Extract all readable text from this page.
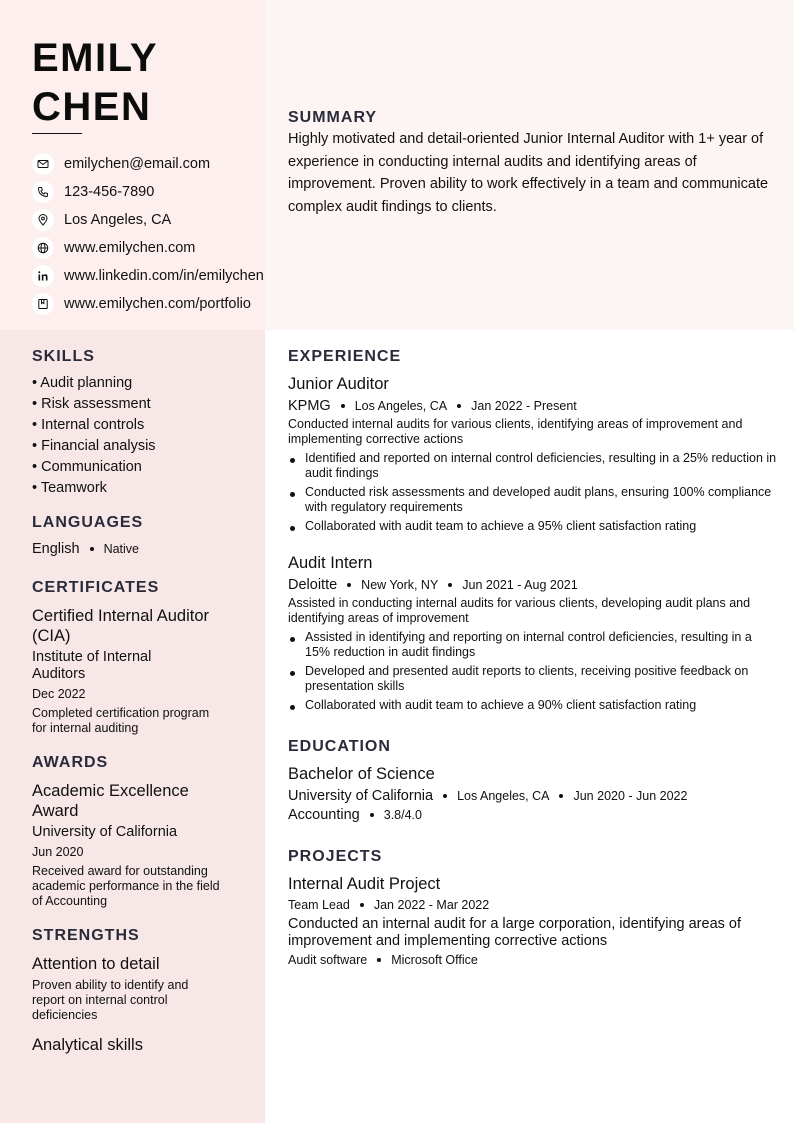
EMILY
CHEN
emilychen@email.com
123-456-7890
Los Angeles, CA
www.emilychen.com
www.linkedin.com/in/emilychen
www.emilychen.com/portfolio
SUMMARY
Highly motivated and detail-oriented Junior Internal Auditor with 1+ year of experience in conducting internal audits and identifying areas of improvement. Proven ability to work effectively in a team and communicate complex audit findings to clients.
SKILLS
• Audit planning
• Risk assessment
• Internal controls
• Financial analysis
• Communication
• Teamwork
LANGUAGES
English Native
CERTIFICATES
Certified Internal Auditor (CIA)
Institute of Internal Auditors
Dec 2022
Completed certification program for internal auditing
AWARDS
Academic Excellence Award
University of California
Jun 2020
Received award for outstanding academic performance in the field of Accounting
STRENGTHS
Attention to detail
Proven ability to identify and report on internal control deficiencies
Analytical skills
EXPERIENCE
Junior Auditor
KPMG Los Angeles, CA Jan 2022 - Present
Conducted internal audits for various clients, identifying areas of improvement and implementing corrective actions
Identified and reported on internal control deficiencies, resulting in a 25% reduction in audit findings
Conducted risk assessments and developed audit plans, ensuring 100% compliance with regulatory requirements
Collaborated with audit team to achieve a 95% client satisfaction rating
Audit Intern
Deloitte New York, NY Jun 2021 - Aug 2021
Assisted in conducting internal audits for various clients, developing audit plans and identifying areas of improvement
Assisted in identifying and reporting on internal control deficiencies, resulting in a 15% reduction in audit findings
Developed and presented audit reports to clients, receiving positive feedback on presentation skills
Collaborated with audit team to achieve a 90% client satisfaction rating
EDUCATION
Bachelor of Science
University of California Los Angeles, CA Jun 2020 - Jun 2022
Accounting 3.8/4.0
PROJECTS
Internal Audit Project
Team Lead Jan 2022 - Mar 2022
Conducted an internal audit for a large corporation, identifying areas of improvement and implementing corrective actions
Audit software Microsoft Office
